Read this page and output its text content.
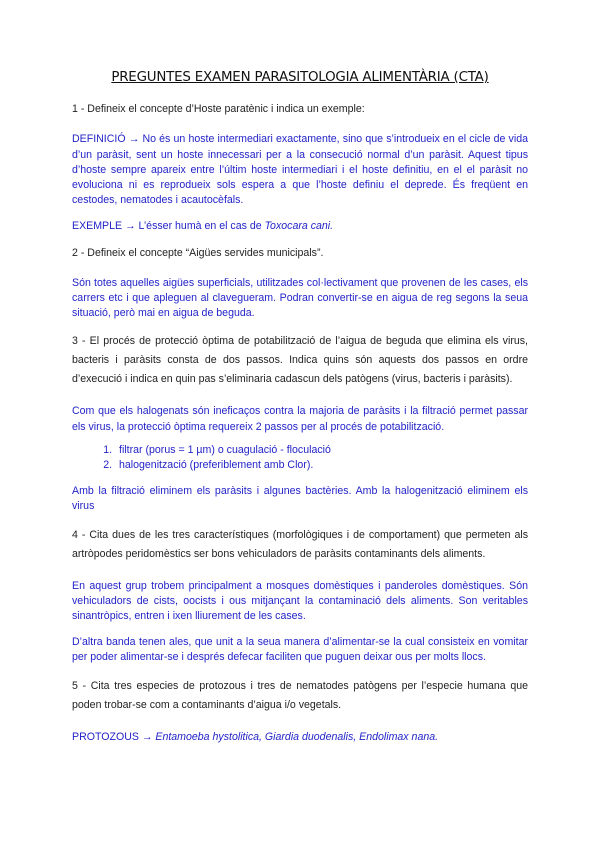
PREGUNTES EXAMEN PARASITOLOGIA ALIMENTÀRIA (CTA)

1 - Defineix el concepte d’Hoste paratènic i indica un exemple:

DEFINICIÓ → No és un hoste intermediari exactamente, sino que s’introdueix en el cicle de vida d’un paràsit, sent un hoste innecessari per a la consecució normal d’un paràsit. Aquest tipus d’hoste sempre apareix entre l’últim hoste intermediari i el hoste definitiu, en el el paràsit no evoluciona ni es reprodueix sols espera a que l’hoste definiu el deprede. És freqüent en cestodes, nematodes i acautocèfals.

EXEMPLE → L’ésser humà en el cas de Toxocara cani.

2 - Defineix el concepte “Aigües servides municipals”.

Són totes aquelles aigües superficials, utilitzades col·lectivament que provenen de les cases, els carrers etc i que apleguen al clavegueram. Podran convertir-se en aigua de reg segons la seua situació, però mai en aigua de beguda.

3 - El procés de protecció òptima de potabilització de l’aigua de beguda que elimina els virus, bacteris i paràsits consta de dos passos. Indica quins són aquests dos passos en ordre d’execució i indica en quin pas s’eliminaria cadascun dels patògens (virus, bacteris i paràsits).

Com que els halogenats són ineficaços contra la majoria de paràsits i la filtració permet passar els virus, la protecció òptima requereix 2 passos per al procés de potabilització.

1. filtrar (porus = 1 µm) o cuagulació - floculació
2. halogenització (preferiblement amb Clor).

Amb la filtració eliminem els paràsits i algunes bactèries. Amb la halogenització eliminem els virus

4 - Cita dues de les tres característiques (morfològiques i de comportament) que permeten als artròpodes peridomèstics ser bons vehiculadors de paràsits contaminants dels aliments.

En aquest grup trobem principalment a mosques domèstiques i panderoles domèstiques. Són vehiculadors de cists, oocists i ous mitjançant la contaminació dels aliments. Son veritables sinantròpics, entren i ixen lliurement de les cases.

D’altra banda tenen ales, que unit a la seua manera d’alimentar-se la cual consisteix en vomitar per poder alimentar-se i després defecar faciliten que puguen deixar ous per molts llocs.

5 - Cita tres especies de protozous i tres de nematodes patògens per l’especie humana que poden trobar-se com a contaminants d’aigua i/o vegetals.

PROTOZOUS → Entamoeba hystolitica, Giardia duodenalis, Endolimax nana.
